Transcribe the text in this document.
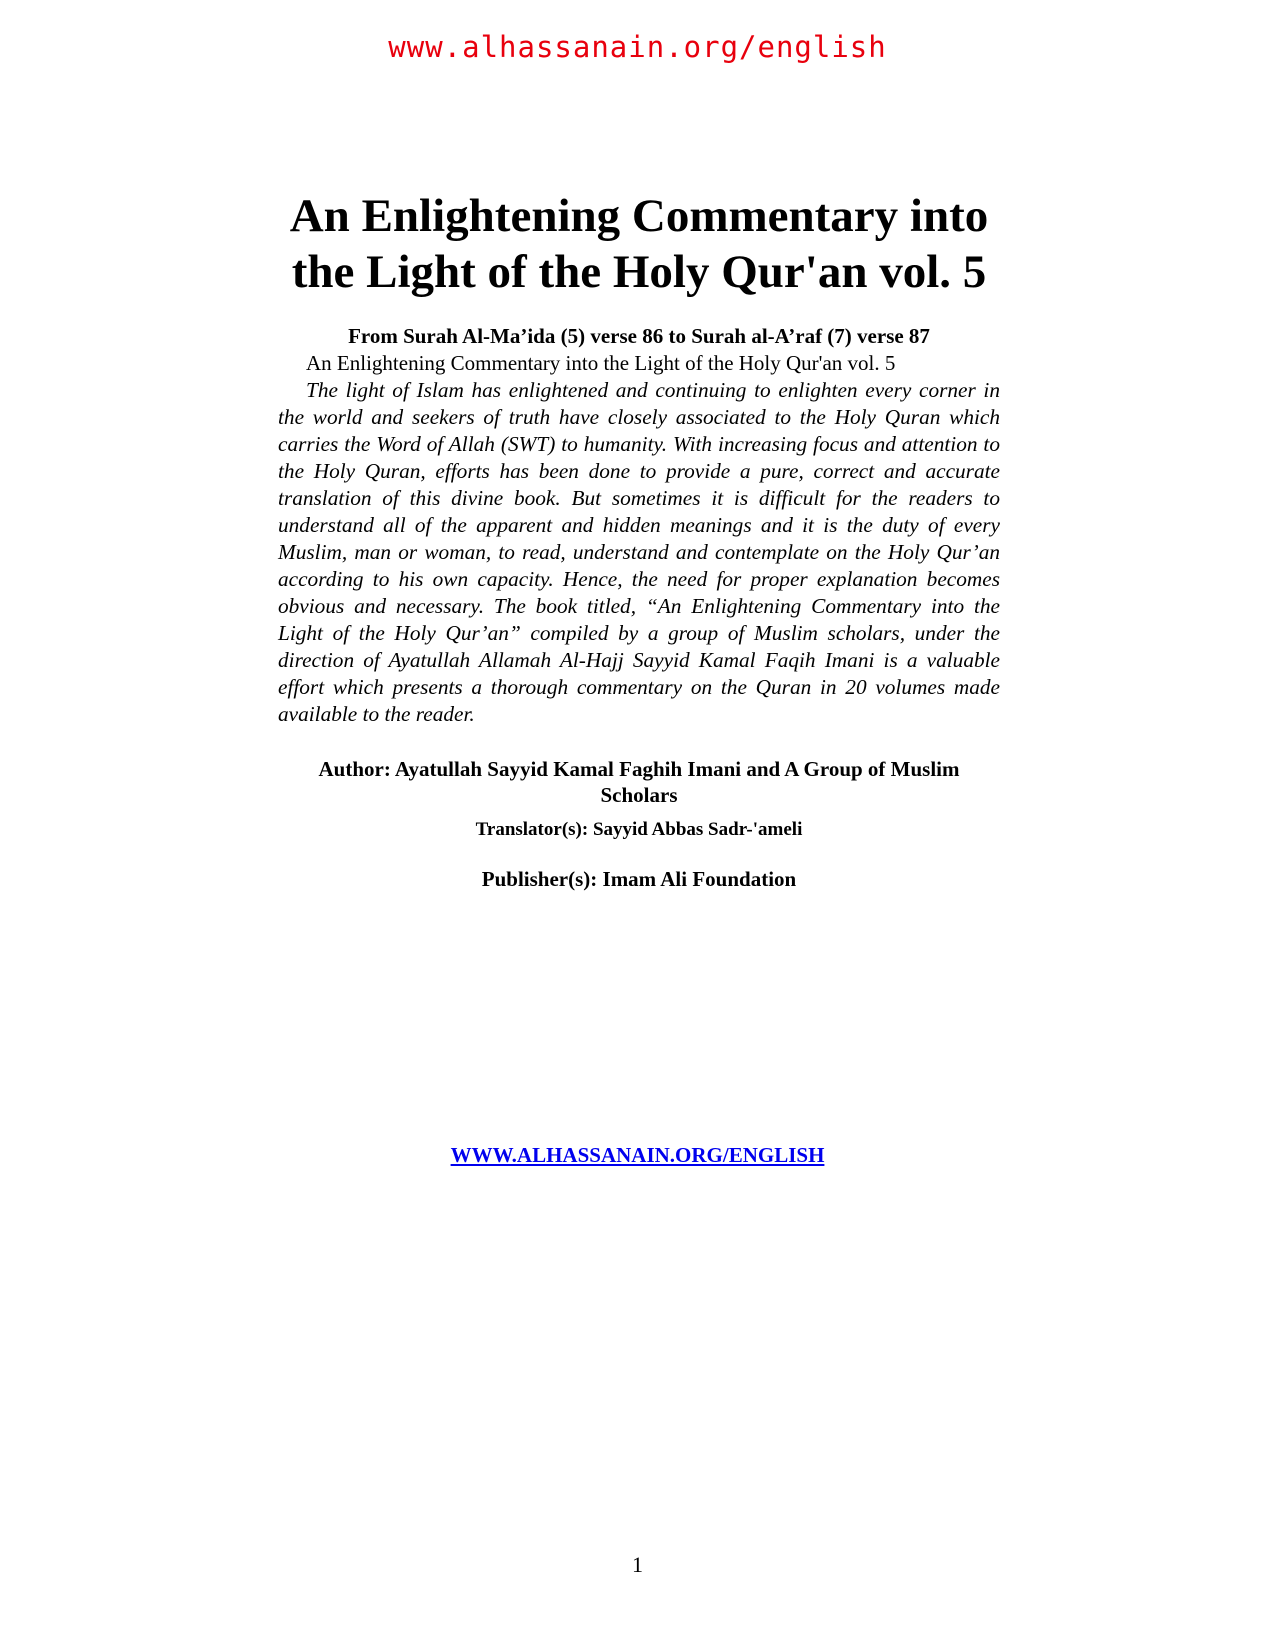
www.alhassanain.org/english
An Enlightening Commentary into the Light of the Holy Qur'an vol. 5

From Surah Al-Ma’ida (5) verse 86 to Surah al-A’raf (7) verse 87

An Enlightening Commentary into the Light of the Holy Qur'an vol. 5

The light of Islam has enlightened and continuing to enlighten every corner in the world and seekers of truth have closely associated to the Holy Quran which carries the Word of Allah (SWT) to humanity. With increasing focus and attention to the Holy Quran, efforts has been done to provide a pure, correct and accurate translation of this divine book. But sometimes it is difficult for the readers to understand all of the apparent and hidden meanings and it is the duty of every Muslim, man or woman, to read, understand and contemplate on the Holy Qur’an according to his own capacity. Hence, the need for proper explanation becomes obvious and necessary. The book titled, “An Enlightening Commentary into the Light of the Holy Qur’an” compiled by a group of Muslim scholars, under the direction of Ayatullah Allamah Al-Hajj Sayyid Kamal Faqih Imani is a valuable effort which presents a thorough commentary on the Quran in 20 volumes made available to the reader.

Author: Ayatullah Sayyid Kamal Faghih Imani and A Group of Muslim Scholars

Translator(s): Sayyid Abbas Sadr-'ameli

Publisher(s): Imam Ali Foundation

WWW.ALHASSANAIN.ORG/ENGLISH
1
